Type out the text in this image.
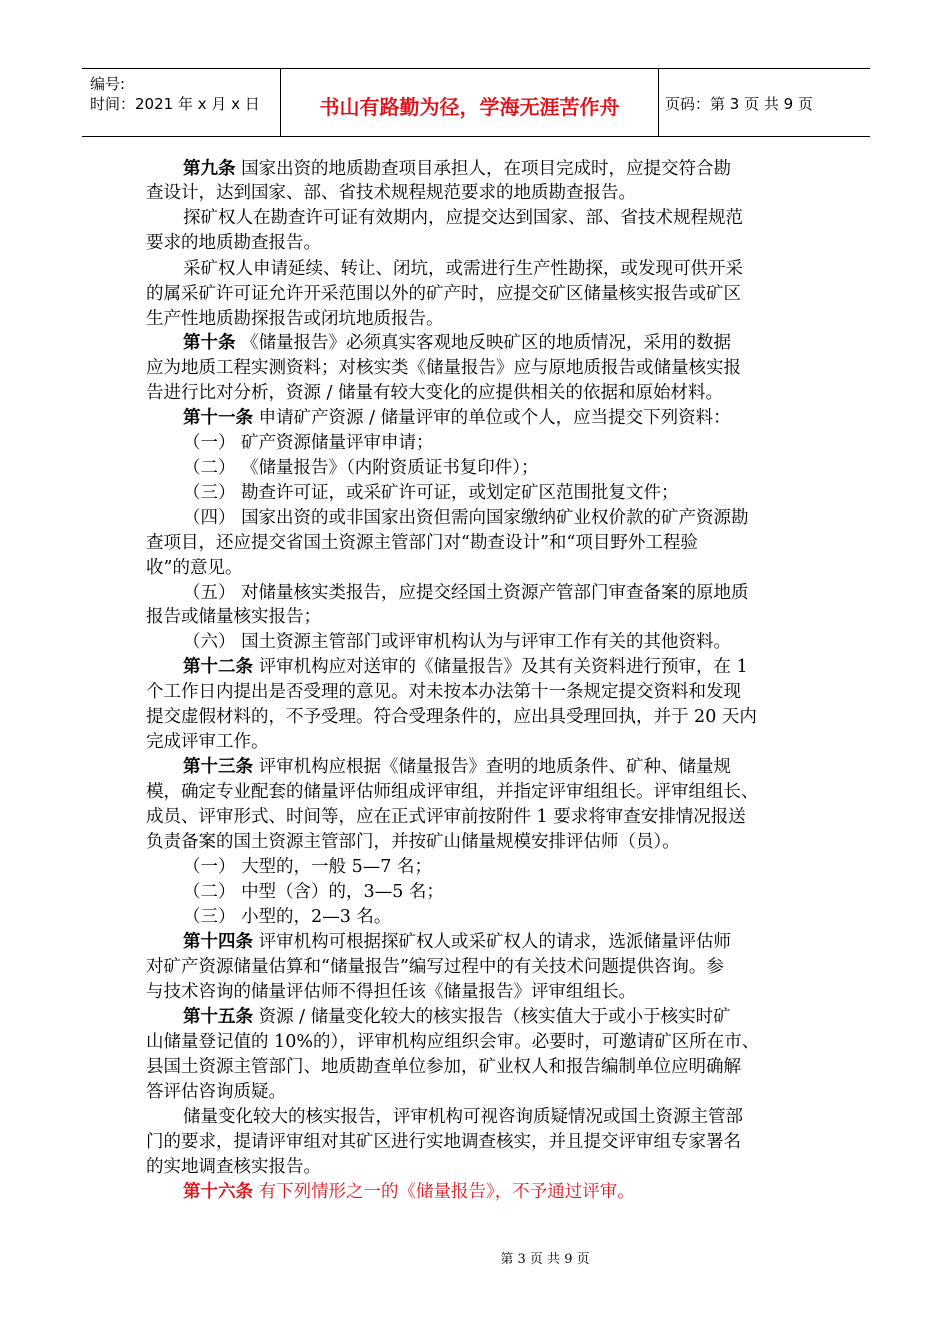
编号:
时间：2021 年 x 月 x 日	书山有路勤为径，学海无涯苦作舟	页码：第 3 页 共 9 页
第九条 国家出资的地质勘查项目承担人，在项目完成时，应提交符合勘
查设计，达到国家、部、省技术规程规范要求的地质勘查报告。
探矿权人在勘查许可证有效期内，应提交达到国家、部、省技术规程规范
要求的地质勘查报告。
采矿权人申请延续、转让、闭坑，或需进行生产性勘探，或发现可供开采
的属采矿许可证允许开采范围以外的矿产时，应提交矿区储量核实报告或矿区
生产性地质勘探报告或闭坑地质报告。
第十条 《储量报告》必须真实客观地反映矿区的地质情况，采用的数据
应为地质工程实测资料；对核实类《储量报告》应与原地质报告或储量核实报
告进行比对分析，资源 / 储量有较大变化的应提供相关的依据和原始材料。
第十一条 申请矿产资源 / 储量评审的单位或个人，应当提交下列资料：
（一） 矿产资源储量评审申请；
（二） 《储量报告》（内附资质证书复印件）；
（三） 勘查许可证，或采矿许可证，或划定矿区范围批复文件；
（四） 国家出资的或非国家出资但需向国家缴纳矿业权价款的矿产资源勘
查项目，还应提交省国土资源主管部门对“勘查设计”和“项目野外工程验
收”的意见。
（五） 对储量核实类报告，应提交经国土资源产管部门审查备案的原地质
报告或储量核实报告；
（六） 国土资源主管部门或评审机构认为与评审工作有关的其他资料。
第十二条 评审机构应对送审的《储量报告》及其有关资料进行预审，在 1
个工作日内提出是否受理的意见。对未按本办法第十一条规定提交资料和发现
提交虚假材料的，不予受理。符合受理条件的，应出具受理回执，并于 20 天内
完成评审工作。
第十三条 评审机构应根据《储量报告》查明的地质条件、矿种、储量规
模，确定专业配套的储量评估师组成评审组，并指定评审组组长。评审组组长、
成员、评审形式、时间等，应在正式评审前按附件 1 要求将审查安排情况报送
负责备案的国土资源主管部门，并按矿山储量规模安排评估师（员）。
（一） 大型的，一般 5—7 名；
（二） 中型（含）的，3—5 名；
（三） 小型的，2—3 名。
第十四条 评审机构可根据探矿权人或采矿权人的请求，选派储量评估师
对矿产资源储量估算和“储量报告”编写过程中的有关技术问题提供咨询。参
与技术咨询的储量评估师不得担任该《储量报告》评审组组长。
第十五条 资源 / 储量变化较大的核实报告（核实值大于或小于核实时矿
山储量登记值的 10%的），评审机构应组织会审。必要时，可邀请矿区所在市、
县国土资源主管部门、地质勘查单位参加，矿业权人和报告编制单位应明确解
答评估咨询质疑。
储量变化较大的核实报告，评审机构可视咨询质疑情况或国土资源主管部
门的要求，提请评审组对其矿区进行实地调查核实，并且提交评审组专家署名
的实地调查核实报告。
第十六条 有下列情形之一的《储量报告》，不予通过评审。
第 3 页 共 9 页
